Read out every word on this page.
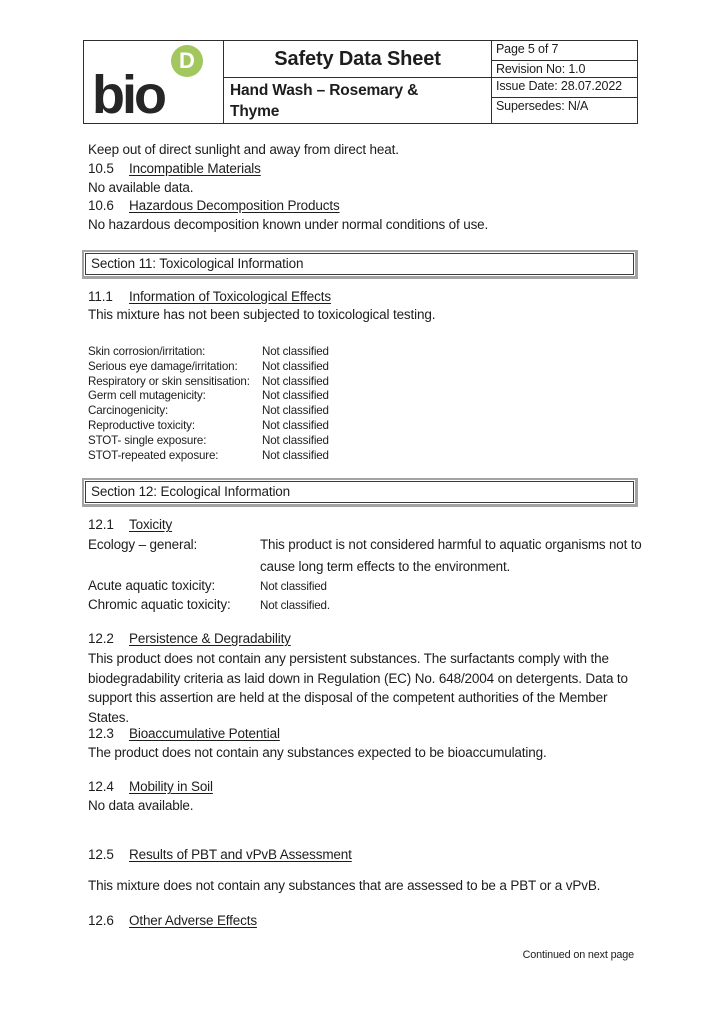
bio
D	Safety Data Sheet
Hand Wash – Rosemary & Thyme
Page 5 of 7
Revision No: 1.0
Issue Date: 28.07.2022
Supersedes: N/A
Keep out of direct sunlight and away from direct heat.
10.5 Incompatible Materials
No available data.
10.6 Hazardous Decomposition Products
No hazardous decomposition known under normal conditions of use.
Section 11: Toxicological Information
11.1 Information of Toxicological Effects
This mixture has not been subjected to toxicological testing.
Skin corrosion/irritation:	Not classified
Serious eye damage/irritation:	Not classified
Respiratory or skin sensitisation:	Not classified
Germ cell mutagenicity:	Not classified
Carcinogenicity:	Not classified
Reproductive toxicity:	Not classified
STOT- single exposure:	Not classified
STOT-repeated exposure:	Not classified
Section 12: Ecological Information
12.1 Toxicity
Ecology – general:	This product is not considered harmful to aquatic organisms not to cause long term effects to the environment.
Acute aquatic toxicity:	Not classified
Chromic aquatic toxicity:	Not classified.
12.2 Persistence & Degradability
This product does not contain any persistent substances. The surfactants comply with the biodegradability criteria as laid down in Regulation (EC) No. 648/2004 on detergents. Data to support this assertion are held at the disposal of the competent authorities of the Member States.
12.3 Bioaccumulative Potential
The product does not contain any substances expected to be bioaccumulating.
12.4 Mobility in Soil
No data available.
12.5 Results of PBT and vPvB Assessment
This mixture does not contain any substances that are assessed to be a PBT or a vPvB.
12.6 Other Adverse Effects
Continued on next page
